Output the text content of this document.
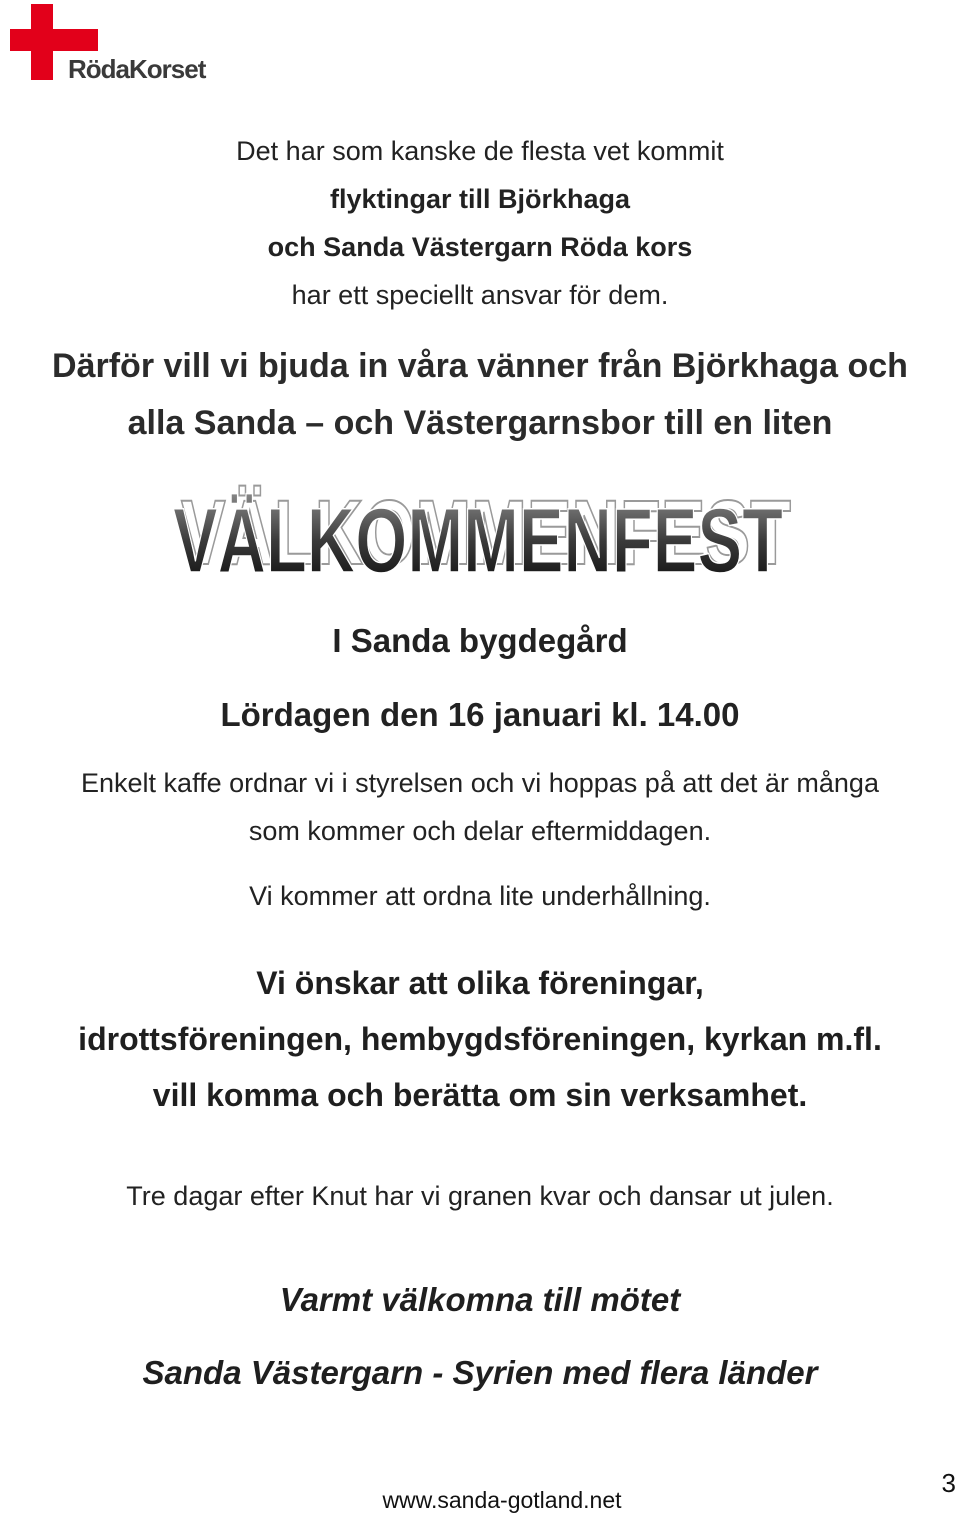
RödaKorset
Det har som kanske de flesta vet kommit
flyktingar till Björkhaga
och Sanda Västergarn Röda kors
har ett speciellt ansvar för dem.
Därför vill vi bjuda in våra vänner från Björkhaga och
alla Sanda – och Västergarnsbor till en liten
VÄLKOMMENFEST
VÄLKOMMENFEST
I Sanda bygdegård
Lördagen den 16 januari kl. 14.00
Enkelt kaffe ordnar vi i styrelsen och vi hoppas på att det är många
som kommer och delar eftermiddagen.
Vi kommer att ordna lite underhållning.
Vi önskar att olika föreningar,
idrottsföreningen, hembygdsföreningen, kyrkan m.fl.
vill komma och berätta om sin verksamhet.
Tre dagar efter Knut har vi granen kvar och dansar ut julen.
Varmt välkomna till mötet
Sanda Västergarn - Syrien med flera länder
www.sanda-gotland.net
3
